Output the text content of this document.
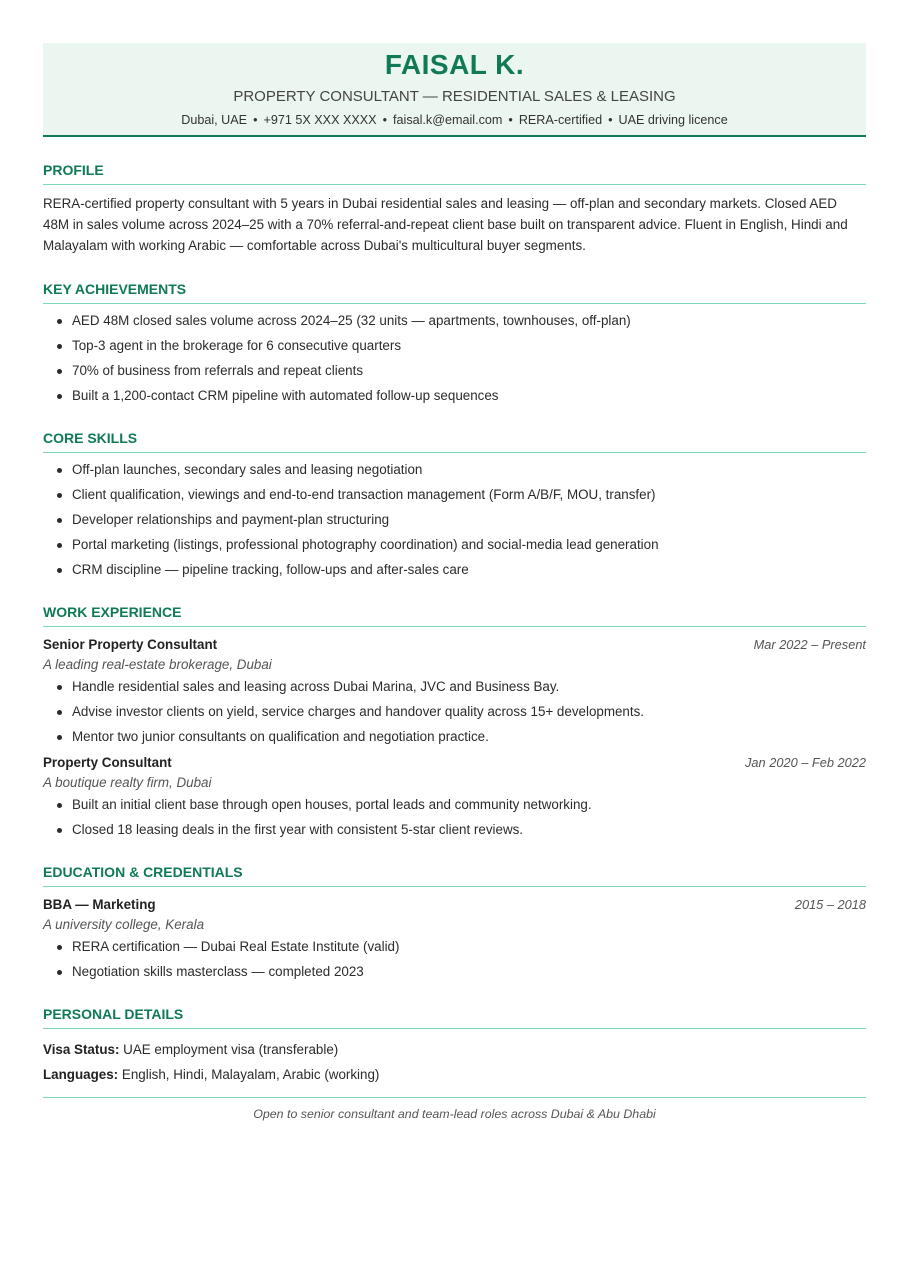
FAISAL K.
PROPERTY CONSULTANT — RESIDENTIAL SALES & LEASING
Dubai, UAE • +971 5X XXX XXXX • faisal.k@email.com • RERA-certified • UAE driving licence
PROFILE

RERA-certified property consultant with 5 years in Dubai residential sales and leasing — off-plan and secondary markets. Closed AED 48M in sales volume across 2024–25 with a 70% referral-and-repeat client base built on transparent advice. Fluent in English, Hindi and Malayalam with working Arabic — comfortable across Dubai's multicultural buyer segments.

KEY ACHIEVEMENTS
AED 48M closed sales volume across 2024–25 (32 units — apartments, townhouses, off-plan)
Top-3 agent in the brokerage for 6 consecutive quarters
70% of business from referrals and repeat clients
Built a 1,200-contact CRM pipeline with automated follow-up sequences
CORE SKILLS
Off-plan launches, secondary sales and leasing negotiation
Client qualification, viewings and end-to-end transaction management (Form A/B/F, MOU, transfer)
Developer relationships and payment-plan structuring
Portal marketing (listings, professional photography coordination) and social-media lead generation
CRM discipline — pipeline tracking, follow-ups and after-sales care
WORK EXPERIENCE
Senior Property Consultant	Mar 2022 – Present
A leading real-estate brokerage, Dubai
Handle residential sales and leasing across Dubai Marina, JVC and Business Bay.
Advise investor clients on yield, service charges and handover quality across 15+ developments.
Mentor two junior consultants on qualification and negotiation practice.
Property Consultant	Jan 2020 – Feb 2022
A boutique realty firm, Dubai
Built an initial client base through open houses, portal leads and community networking.
Closed 18 leasing deals in the first year with consistent 5-star client reviews.
EDUCATION & CREDENTIALS
BBA — Marketing	2015 – 2018
A university college, Kerala
RERA certification — Dubai Real Estate Institute (valid)
Negotiation skills masterclass — completed 2023
PERSONAL DETAILS
Visa Status: UAE employment visa (transferable)
Languages: English, Hindi, Malayalam, Arabic (working)
Open to senior consultant and team-lead roles across Dubai & Abu Dhabi
